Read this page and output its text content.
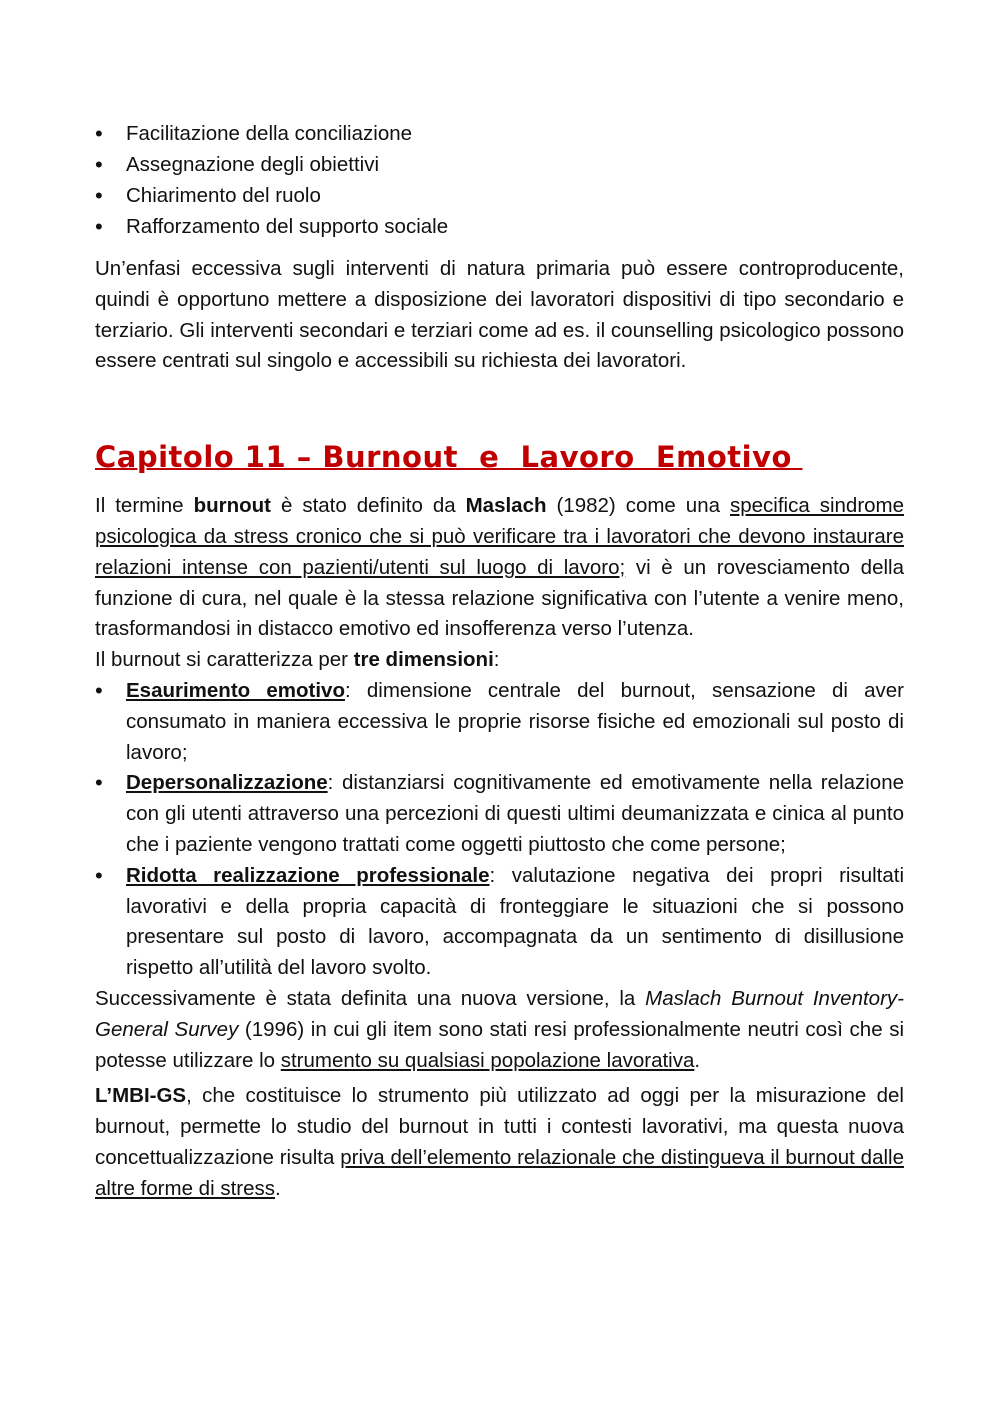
• Facilitazione della conciliazione
• Assegnazione degli obiettivi
• Chiarimento del ruolo
• Rafforzamento del supporto sociale

Un’enfasi eccessiva sugli interventi di natura primaria può essere controproducente, quindi è opportuno mettere a disposizione dei lavoratori dispositivi di tipo secondario e terziario. Gli interventi secondari e terziari come ad es. il counselling psicologico possono essere centrati sul singolo e accessibili su richiesta dei lavoratori.

Capitolo 11 – Burnout  e  Lavoro  Emotivo

Il termine burnout è stato definito da Maslach (1982) come una specifica sindrome psicologica da stress cronico che si può verificare tra i lavoratori che devono instaurare relazioni intense con pazienti/utenti sul luogo di lavoro; vi è un rovesciamento della funzione di cura, nel quale è la stessa relazione significativa con l’utente a venire meno, trasformandosi in distacco emotivo ed insofferenza verso l’utenza.

Il burnout si caratterizza per tre dimensioni:

• Esaurimento emotivo: dimensione centrale del burnout, sensazione di aver consumato in maniera eccessiva le proprie risorse fisiche ed emozionali sul posto di lavoro;
• Depersonalizzazione: distanziarsi cognitivamente ed emotivamente nella relazione con gli utenti attraverso una percezioni di questi ultimi deumanizzata e cinica al punto che i paziente vengono trattati come oggetti piuttosto che come persone;
• Ridotta realizzazione professionale: valutazione negativa dei propri risultati lavorativi e della propria capacità di fronteggiare le situazioni che si possono presentare sul posto di lavoro, accompagnata da un sentimento di disillusione rispetto all’utilità del lavoro svolto.

Successivamente è stata definita una nuova versione, la Maslach Burnout Inventory-General Survey (1996) in cui gli item sono stati resi professionalmente neutri così che si potesse utilizzare lo strumento su qualsiasi popolazione lavorativa.

L’MBI-GS, che costituisce lo strumento più utilizzato ad oggi per la misurazione del burnout, permette lo studio del burnout in tutti i contesti lavorativi, ma questa nuova concettualizzazione risulta priva dell’elemento relazionale che distingueva il burnout dalle altre forme di stress.
